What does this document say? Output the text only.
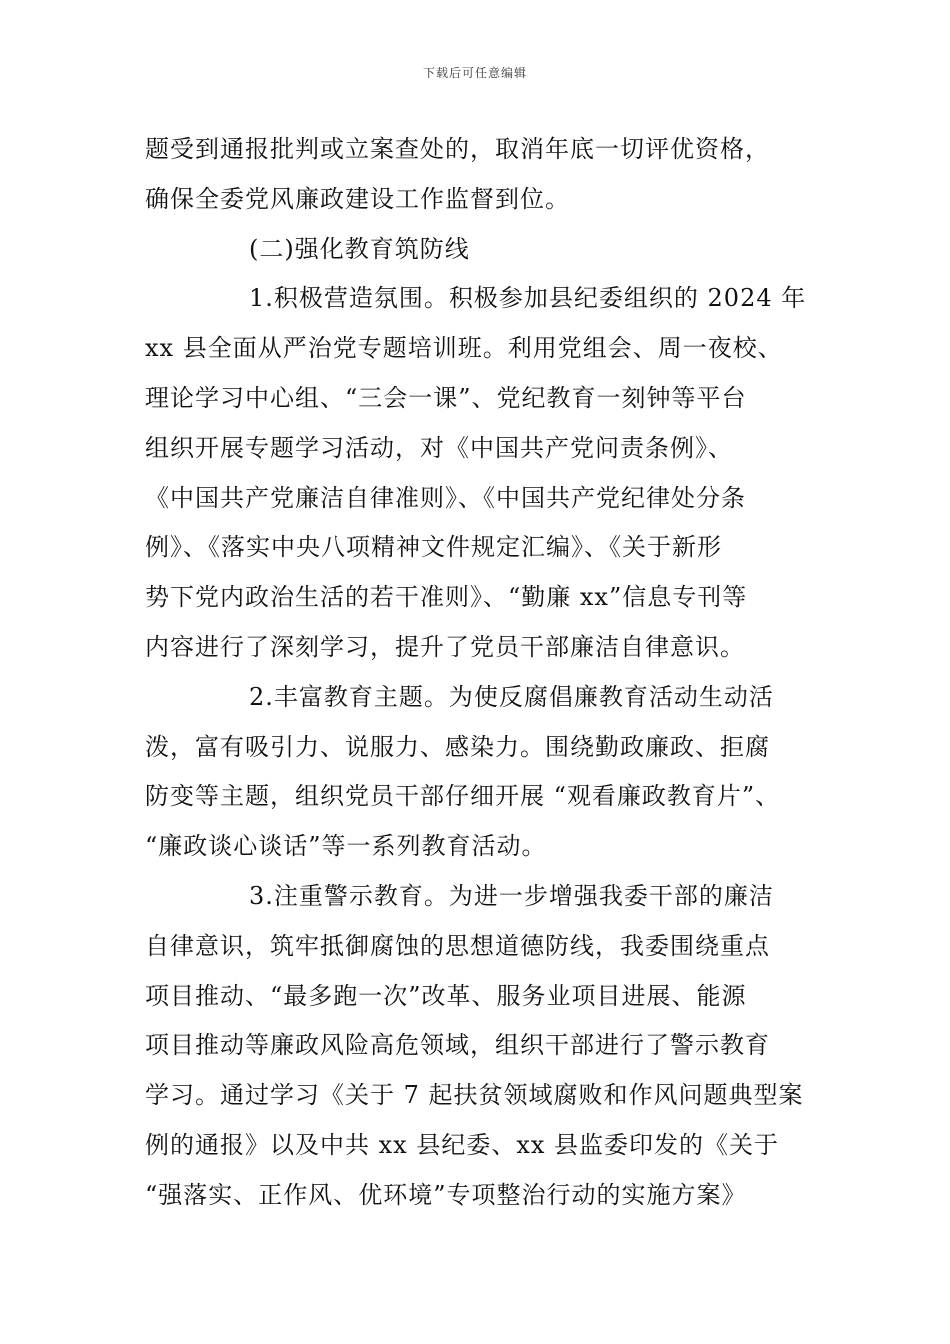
下载后可任意编辑
题受到通报批判或立案查处的，取消年底一切评优资格，
确保全委党风廉政建设工作监督到位。
(二)强化教育筑防线
1.积极营造氛围。积极参加县纪委组织的 2024 年
xx 县全面从严治党专题培训班。利用党组会、周一夜校、
理论学习中心组、“三会一课”、党纪教育一刻钟等平台
组织开展专题学习活动，对《中国共产党问责条例》、
《中国共产党廉洁自律准则》、《中国共产党纪律处分条
例》、《落实中央八项精神文件规定汇编》、《关于新形
势下党内政治生活的若干准则》、“勤廉 xx”信息专刊等
内容进行了深刻学习，提升了党员干部廉洁自律意识。
2.丰富教育主题。为使反腐倡廉教育活动生动活
泼，富有吸引力、说服力、感染力。围绕勤政廉政、拒腐
防变等主题，组织党员干部仔细开展 “观看廉政教育片”、
“廉政谈心谈话”等一系列教育活动。
3.注重警示教育。为进一步增强我委干部的廉洁
自律意识，筑牢抵御腐蚀的思想道德防线，我委围绕重点
项目推动、“最多跑一次”改革、服务业项目进展、能源
项目推动等廉政风险高危领域，组织干部进行了警示教育
学习。通过学习《关于 7 起扶贫领域腐败和作风问题典型案
例的通报》以及中共 xx 县纪委、xx 县监委印发的《关于
“强落实、正作风、优环境”专项整治行动的实施方案》
